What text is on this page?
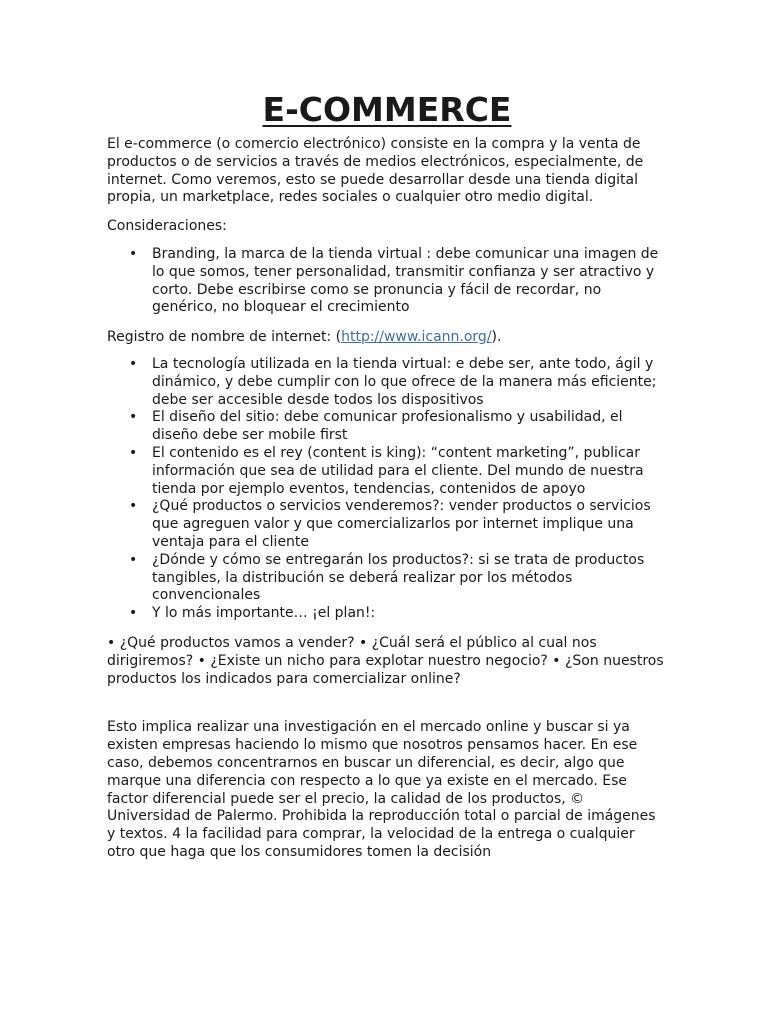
E-COMMERCE

El e-commerce (o comercio electrónico) consiste en la compra y la venta de productos o de servicios a través de medios electrónicos, especialmente, de internet. Como veremos, esto se puede desarrollar desde una tienda digital propia, un marketplace, redes sociales o cualquier otro medio digital.

Consideraciones:

• Branding, la marca de la tienda virtual : debe comunicar una imagen de lo que somos, tener personalidad, transmitir confianza y ser atractivo y corto. Debe escribirse como se pronuncia y fácil de recordar, no genérico, no bloquear el crecimiento

Registro de nombre de internet: (http://www.icann.org/).

• La tecnología utilizada en la tienda virtual: e debe ser, ante todo, ágil y dinámico, y debe cumplir con lo que ofrece de la manera más eficiente; debe ser accesible desde todos los dispositivos
• El diseño del sitio: debe comunicar profesionalismo y usabilidad, el diseño debe ser mobile first
• El contenido es el rey (content is king): “content marketing”, publicar información que sea de utilidad para el cliente. Del mundo de nuestra tienda por ejemplo eventos, tendencias, contenidos de apoyo
• ¿Qué productos o servicios venderemos?: vender productos o servicios que agreguen valor y que comercializarlos por internet implique una ventaja para el cliente
• ¿Dónde y cómo se entregarán los productos?: si se trata de productos tangibles, la distribución se deberá realizar por los métodos convencionales
• Y lo más importante… ¡el plan!:

• ¿Qué productos vamos a vender? • ¿Cuál será el público al cual nos dirigiremos? • ¿Existe un nicho para explotar nuestro negocio? • ¿Son nuestros productos los indicados para comercializar online?

Esto implica realizar una investigación en el mercado online y buscar si ya existen empresas haciendo lo mismo que nosotros pensamos hacer. En ese caso, debemos concentrarnos en buscar un diferencial, es decir, algo que marque una diferencia con respecto a lo que ya existe en el mercado. Ese factor diferencial puede ser el precio, la calidad de los productos, © Universidad de Palermo. Prohibida la reproducción total o parcial de imágenes y textos. 4 la facilidad para comprar, la velocidad de la entrega o cualquier otro que haga que los consumidores tomen la decisión
